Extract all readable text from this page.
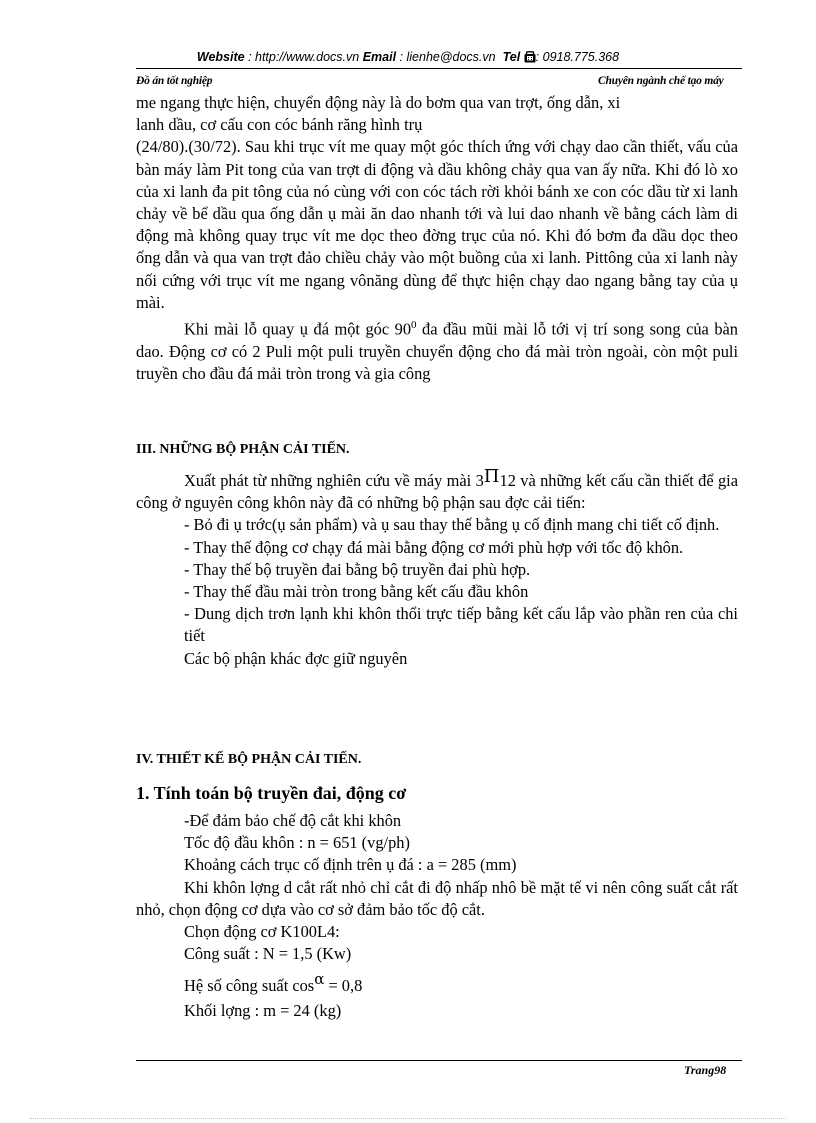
Website : http://www.docs.vn Email : lienhe@docs.vn  Tel : 0918.775.368
Đồ án tốt nghiệp	Chuyên ngành chế tạo máy

me ngang thực hiện, chuyển động này là do bơm qua van trợt, ống dẫn, xi

lanh dầu, cơ cấu con cóc bánh răng hình trụ

(24/80).(30/72). Sau khi trục vít me quay một góc thích ứng với chạy dao cần thiết, vấu của bàn máy làm Pit tong của van trợt di động và dầu không chảy qua van ấy nữa. Khi đó lò xo của xi lanh đa pit tông của nó cùng với con cóc tách rời khỏi bánh xe con cóc dầu từ xi lanh chảy về bể dầu qua ống dẫn ụ mài ăn dao nhanh tới và lui dao nhanh về bằng cách làm di động mà không quay trục vít me dọc theo đờng trục của nó. Khi đó bơm đa dầu dọc theo ống dẫn và qua van trợt đảo chiều chảy vào một buồng của xi lanh. Pittông của xi lanh này nối cứng với trục vít me ngang vônăng dùng để thực hiện chạy dao ngang bằng tay của ụ mài.

Khi mài lỗ quay ụ đá một góc $90^0$ đa đầu mũi mài lỗ tới vị trí song song của bàn dao. Động cơ có 2 Puli một puli truyền chuyển động cho đá mài tròn ngoài, còn một puli truyền cho đầu đá mải tròn trong và gia công

III. NHỮNG BỘ PHẬN CẢI TIẾN.

Xuất phát từ những nghiên cứu về máy mài 3Π12 và những kết cấu cần thiết để gia công ở nguyên công khôn này đã có những bộ phận sau đợc cải tiến:

- Bỏ đi ụ trớc(ụ sản phẩm) và ụ sau thay thế bằng ụ cố định mang chi tiết cố định.

- Thay thế động cơ chạy đá mài bằng động cơ mới phù hợp với tốc độ khôn.

- Thay thế bộ truyền đai bằng bộ truyền đai phù hợp.

- Thay thế đầu mài tròn trong bằng kết cấu đầu khôn

- Dung dịch trơn lạnh khi khôn thổi trực tiếp bằng kết cấu lắp vào phần ren của chi tiết

Các bộ phận khác đợc giữ nguyên

IV. THIẾT KẾ BỘ PHẬN CẢI TIẾN.
1. Tính toán bộ truyền đai, động cơ

-Để đảm bảo chế độ cắt khi khôn

Tốc độ đầu khôn : n = 651 (vg/ph)

Khoảng cách trục cố định trên ụ đá : a = 285 (mm)

Khi khôn lợng d cắt rất nhỏ chỉ cắt đi độ nhấp nhô bề mặt tế vi nên công suất cắt rất nhỏ, chọn động cơ dựa vào cơ sở đảm bảo tốc độ cắt.

Chọn động cơ K100L4:

Công suất : N = 1,5 (Kw)

Hệ số công suất cosα = 0,8

Khối lợng : m = 24 (kg)

Trang98
